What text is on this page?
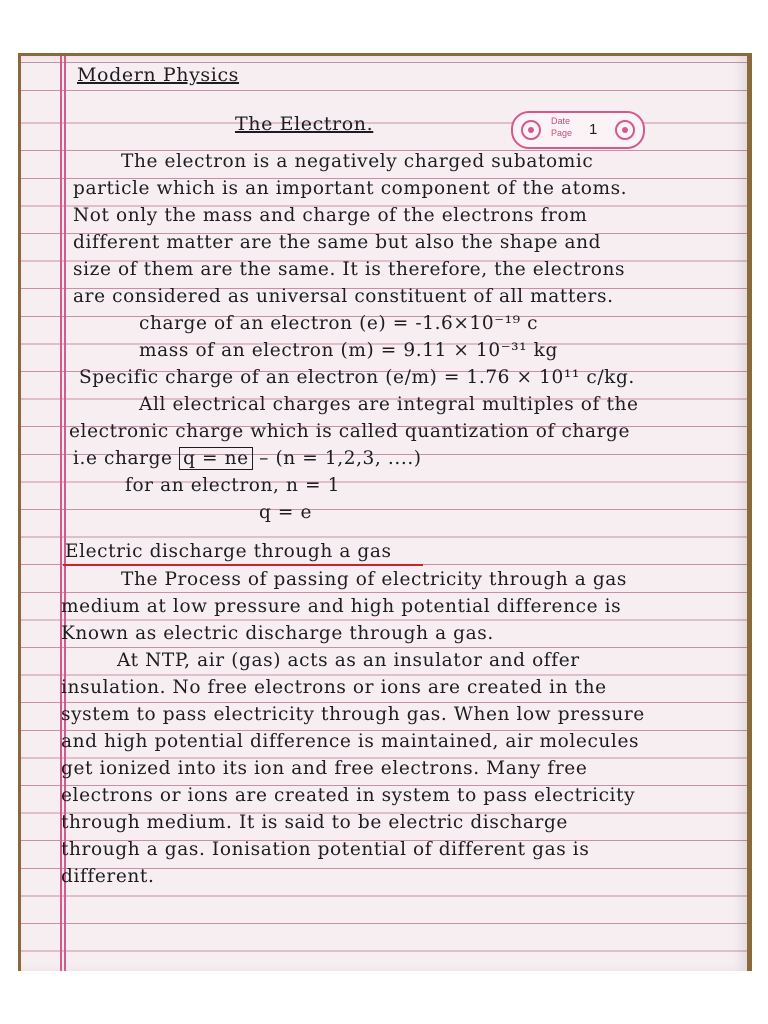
Date
Page 1

Modern Physics

The Electron.

The electron is a negatively charged subatomic

particle which is an important component of the atoms.

Not only the mass and charge of the electrons from

different matter are the same but also the shape and

size of them are the same. It is therefore, the electrons

are considered as universal constituent of all matters.

charge of an electron (e) = -1.6×10⁻¹⁹ c

mass of an electron (m) = 9.11 × 10⁻³¹ kg

Specific charge of an electron (e/m) = 1.76 × 10¹¹ c/kg.

All electrical charges are integral multiples of the

electronic charge which is called quantization of charge

i.e charge q = ne – (n = 1,2,3, ....)

for an electron, n = 1

q = e

Electric discharge through a gas

The Process of passing of electricity through a gas

medium at low pressure and high potential difference is

Known as electric discharge through a gas.

At NTP, air (gas) acts as an insulator and offer

insulation. No free electrons or ions are created in the

system to pass electricity through gas. When low pressure

and high potential difference is maintained, air molecules

get ionized into its ion and free electrons. Many free

electrons or ions are created in system to pass electricity

through medium. It is said to be electric discharge

through a gas. Ionisation potential of different gas is

different.
